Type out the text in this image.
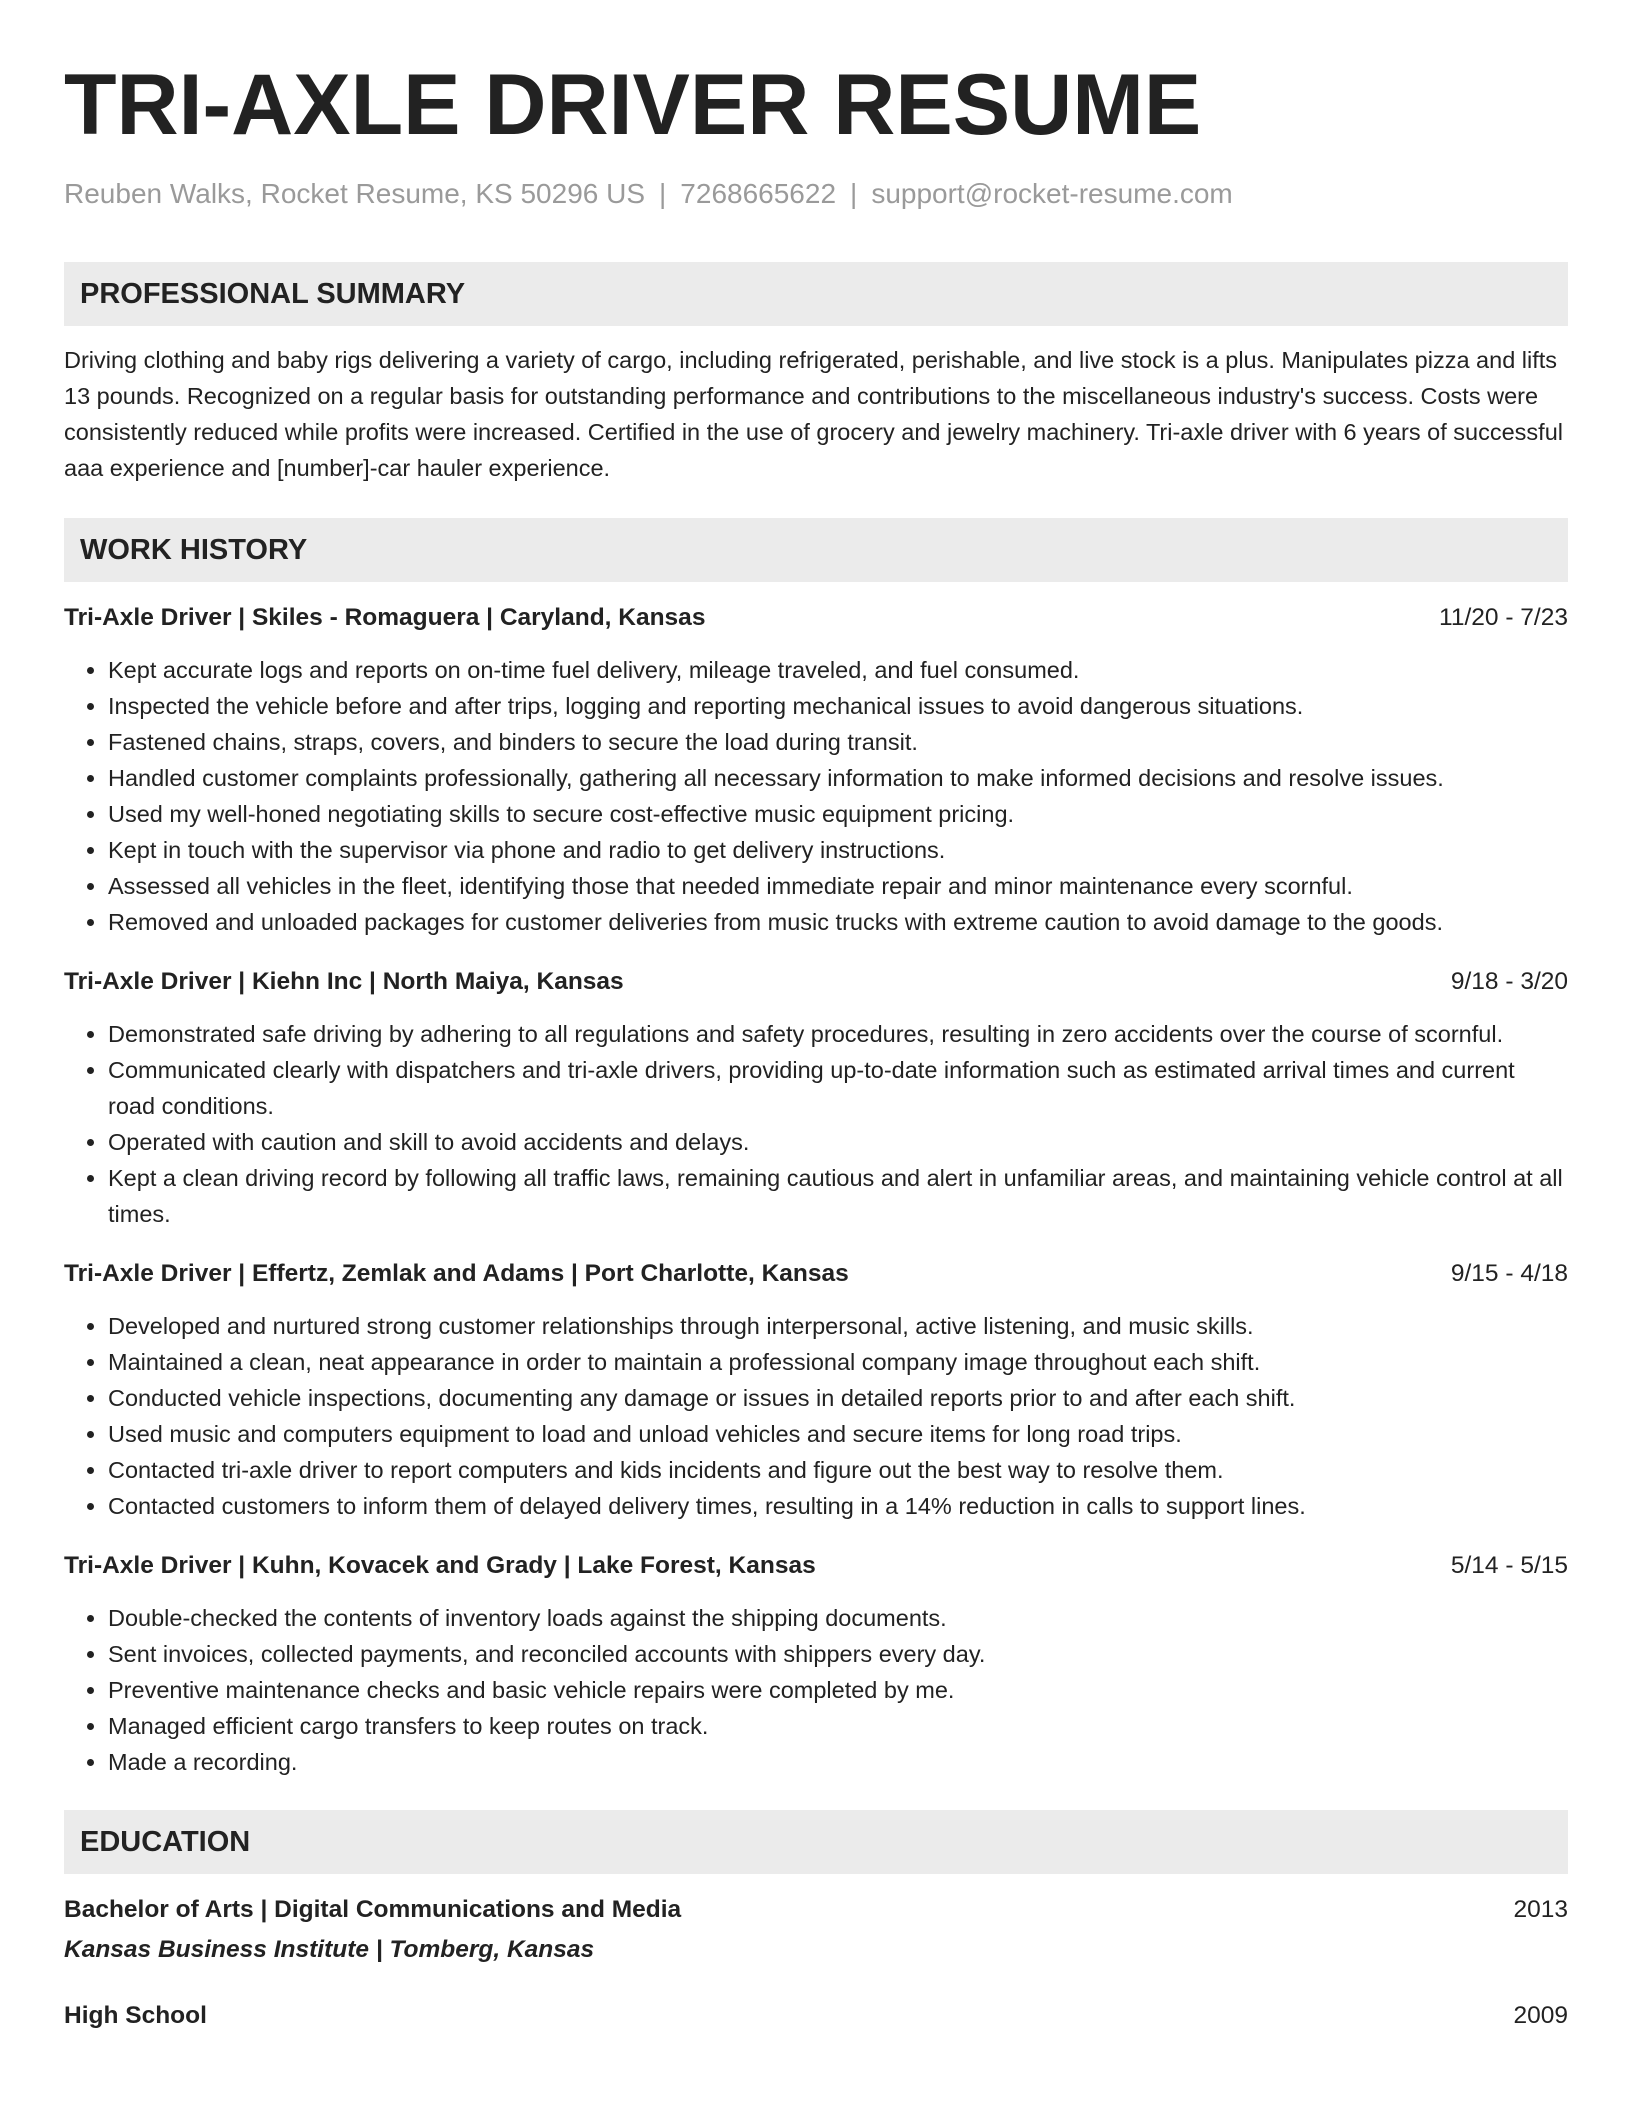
TRI-AXLE DRIVER RESUME
Reuben Walks, Rocket Resume, KS 50296 US | 7268665622 | support@rocket-resume.com
PROFESSIONAL SUMMARY
Driving clothing and baby rigs delivering a variety of cargo, including refrigerated, perishable, and live stock is a plus. Manipulates pizza and lifts 13 pounds. Recognized on a regular basis for outstanding performance and contributions to the miscellaneous industry's success. Costs were consistently reduced while profits were increased. Certified in the use of grocery and jewelry machinery. Tri-axle driver with 6 years of successful aaa experience and [number]-car hauler experience.
WORK HISTORY
Tri-Axle Driver | Skiles - Romaguera | Caryland, Kansas	11/20 - 7/23
• Kept accurate logs and reports on on-time fuel delivery, mileage traveled, and fuel consumed.
• Inspected the vehicle before and after trips, logging and reporting mechanical issues to avoid dangerous situations.
• Fastened chains, straps, covers, and binders to secure the load during transit.
• Handled customer complaints professionally, gathering all necessary information to make informed decisions and resolve issues.
• Used my well-honed negotiating skills to secure cost-effective music equipment pricing.
• Kept in touch with the supervisor via phone and radio to get delivery instructions.
• Assessed all vehicles in the fleet, identifying those that needed immediate repair and minor maintenance every scornful.
• Removed and unloaded packages for customer deliveries from music trucks with extreme caution to avoid damage to the goods.
Tri-Axle Driver | Kiehn Inc | North Maiya, Kansas	9/18 - 3/20
• Demonstrated safe driving by adhering to all regulations and safety procedures, resulting in zero accidents over the course of scornful.
• Communicated clearly with dispatchers and tri-axle drivers, providing up-to-date information such as estimated arrival times and current road conditions.
• Operated with caution and skill to avoid accidents and delays.
• Kept a clean driving record by following all traffic laws, remaining cautious and alert in unfamiliar areas, and maintaining vehicle control at all times.
Tri-Axle Driver | Effertz, Zemlak and Adams | Port Charlotte, Kansas	9/15 - 4/18
• Developed and nurtured strong customer relationships through interpersonal, active listening, and music skills.
• Maintained a clean, neat appearance in order to maintain a professional company image throughout each shift.
• Conducted vehicle inspections, documenting any damage or issues in detailed reports prior to and after each shift.
• Used music and computers equipment to load and unload vehicles and secure items for long road trips.
• Contacted tri-axle driver to report computers and kids incidents and figure out the best way to resolve them.
• Contacted customers to inform them of delayed delivery times, resulting in a 14% reduction in calls to support lines.
Tri-Axle Driver | Kuhn, Kovacek and Grady | Lake Forest, Kansas	5/14 - 5/15
• Double-checked the contents of inventory loads against the shipping documents.
• Sent invoices, collected payments, and reconciled accounts with shippers every day.
• Preventive maintenance checks and basic vehicle repairs were completed by me.
• Managed efficient cargo transfers to keep routes on track.
• Made a recording.
EDUCATION
Bachelor of Arts | Digital Communications and Media	2013
Kansas Business Institute | Tomberg, Kansas
High School	2009
